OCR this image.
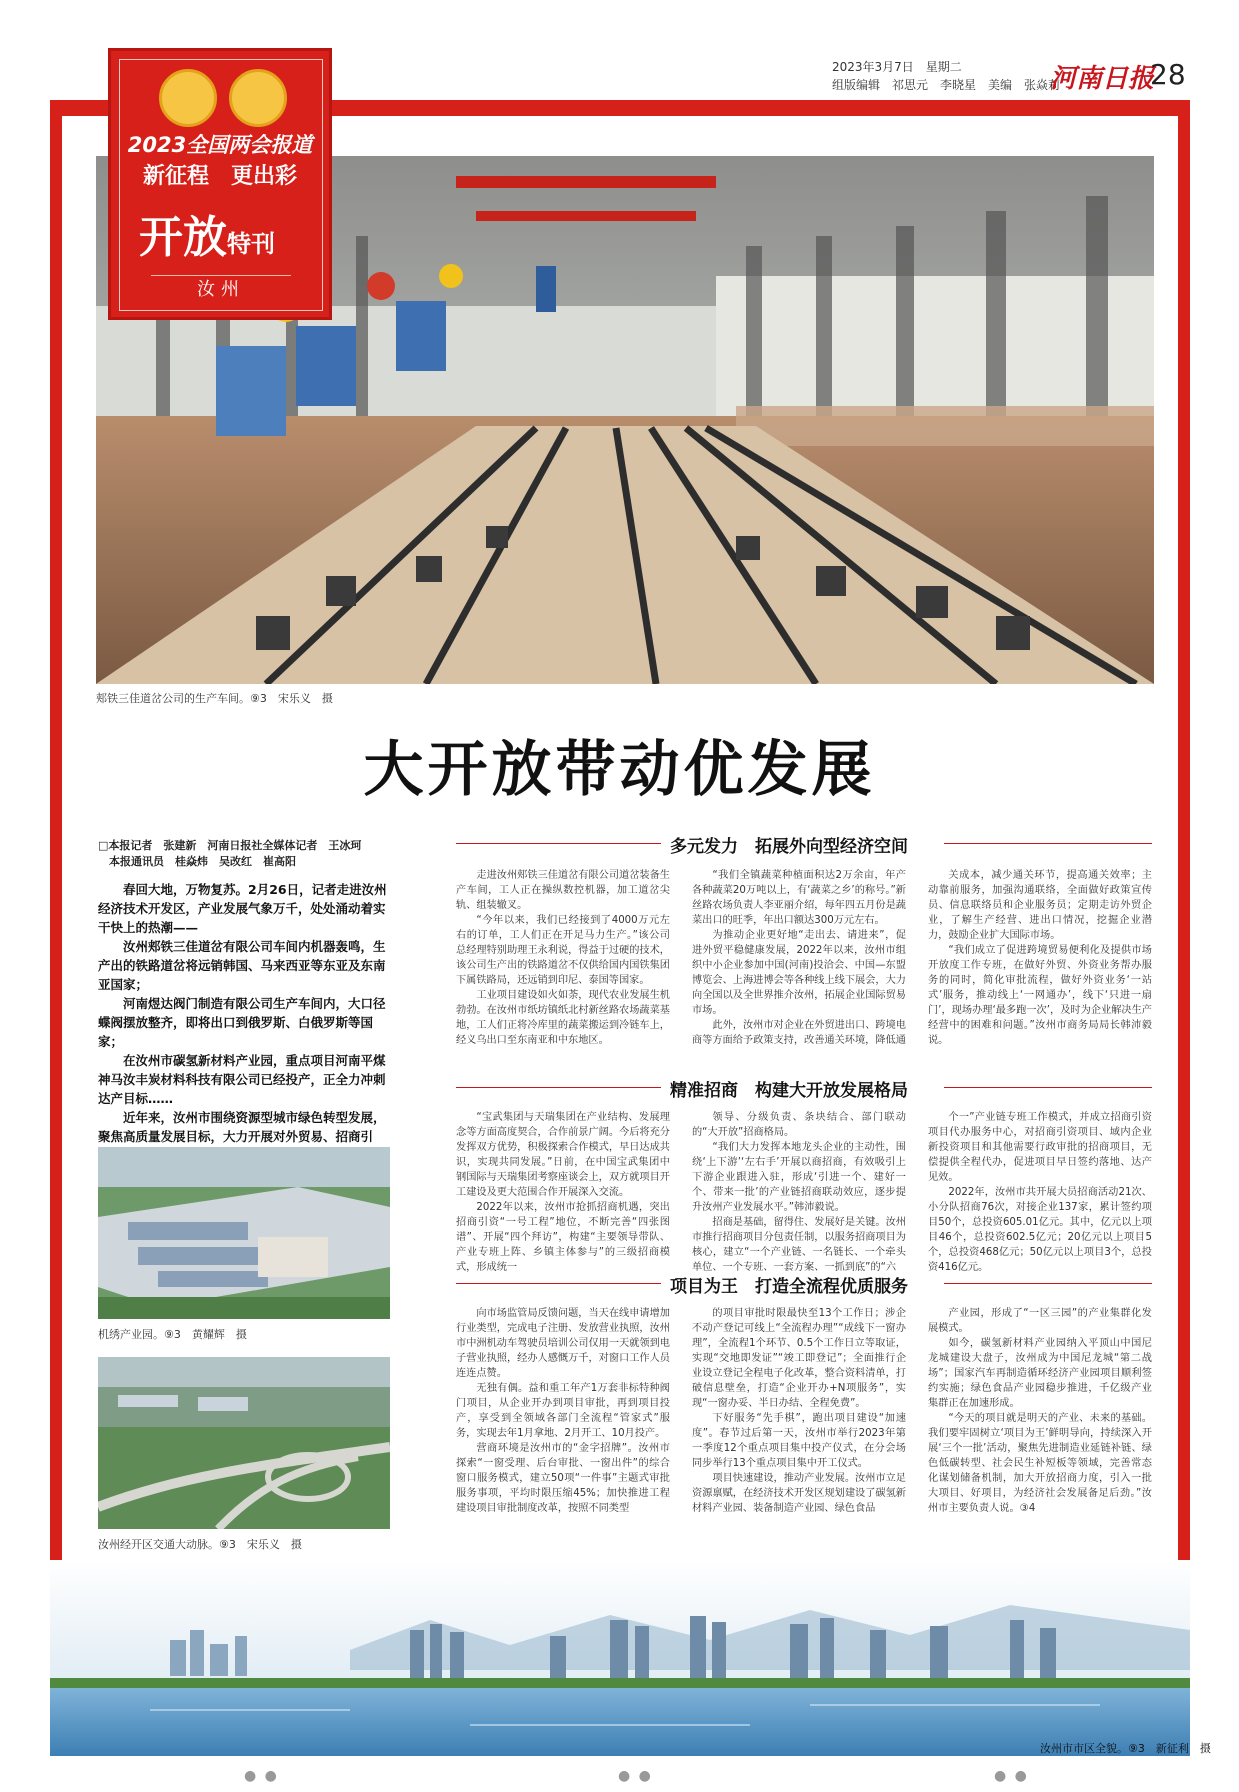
2023年3月7日　星期二
组版编辑　祁思元　李晓星　美编　张焱莉
河南日报
28
郏铁三佳道岔公司的生产车间。⑨3　宋乐义　摄
2023全国两会报道
新征程　更出彩
开放特刊
汝州
大开放带动优发展
□本报记者　张建新　河南日报社全媒体记者　王冰珂
　本报通讯员　桂焱炜　吴改红　崔高阳

春回大地，万物复苏。2月26日，记者走进汝州经济技术开发区，产业发展气象万千，处处涌动着实干快上的热潮——

汝州郏铁三佳道岔有限公司车间内机器轰鸣，生产出的铁路道岔将远销韩国、马来西亚等东亚及东南亚国家；

河南煜达阀门制造有限公司生产车间内，大口径蝶阀摆放整齐，即将出口到俄罗斯、白俄罗斯等国家；

在汝州市碳氢新材料产业园，重点项目河南平煤神马汝丰炭材料科技有限公司已经投产，正全力冲刺达产目标……

近年来，汝州市围绕资源型城市绿色转型发展，聚焦高质量发展目标，大力开展对外贸易、招商引

机绣产业园。⑨3　黄耀辉　摄
汝州经开区交通大动脉。⑨3　宋乐义　摄
多元发力　拓展外向型经济空间

走进汝州郏铁三佳道岔有限公司道岔装备生产车间，工人正在操纵数控机器，加工道岔尖轨、组装辙叉。

“今年以来，我们已经接到了4000万元左右的订单，工人们正在开足马力生产。”该公司总经理特别助理王永利说，得益于过硬的技术，该公司生产出的铁路道岔不仅供给国内国铁集团下属铁路局，还远销到印尼、泰国等国家。

工业项目建设如火如荼，现代农业发展生机勃勃。在汝州市纸坊镇纸北村新丝路农场蔬菜基地，工人们正将冷库里的蔬菜搬运到冷链车上，经义乌出口至东南亚和中东地区。

“我们全镇蔬菜种植面积达2万余亩，年产各种蔬菜20万吨以上，有‘蔬菜之乡’的称号。”新丝路农场负责人李亚丽介绍，每年四五月份是蔬菜出口的旺季，年出口额达300万元左右。

为推动企业更好地“走出去、请进来”，促进外贸平稳健康发展，2022年以来，汝州市组织中小企业参加中国(河南)投洽会、中国—东盟博览会、上海进博会等各种线上线下展会，大力向全国以及全世界推介汝州，拓展企业国际贸易市场。

此外，汝州市对企业在外贸进出口、跨境电商等方面给予政策支持，改善通关环境，降低通

关成本，减少通关环节，提高通关效率；主动靠前服务，加强沟通联络，全面做好政策宣传员、信息联络员和企业服务员；定期走访外贸企业，了解生产经营、进出口情况，挖掘企业潜力，鼓励企业扩大国际市场。

“我们成立了促进跨境贸易便利化及提供市场开放度工作专班，在做好外贸、外资业务帮办服务的同时，简化审批流程，做好外资业务‘一站式’服务，推动线上‘一网通办’，线下‘只进一扇门’，现场办理‘最多跑一次’，及时为企业解决生产经营中的困难和问题。”汝州市商务局局长韩沛毅说。

精准招商　构建大开放发展格局

“宝武集团与天瑞集团在产业结构、发展理念等方面高度契合，合作前景广阔。今后将充分发挥双方优势，积极探索合作模式，早日达成共识，实现共同发展。”日前，在中国宝武集团中钢国际与天瑞集团考察座谈会上，双方就项目开工建设及更大范围合作开展深入交流。

2022年以来，汝州市抢抓招商机遇，突出招商引资“一号工程”地位，不断完善“四张图谱”、开展“四个拜访”，构建“主要领导带队、产业专班上阵、乡镇主体参与”的三级招商模式，形成统一

领导、分级负责、条块结合、部门联动的“大开放”招商格局。

“我们大力发挥本地龙头企业的主动性，围绕‘上下游’‘左右手’开展以商招商，有效吸引上下游企业跟进入驻，形成‘引进一个、建好一个、带来一批’的产业链招商联动效应，逐步提升汝州产业发展水平。”韩沛毅说。

招商是基础，留得住、发展好是关键。汝州市推行招商项目分包责任制，以服务招商项目为核心，建立“一个产业链、一名链长、一个牵头单位、一个专班、一套方案、一抓到底”的“六

个一”产业链专班工作模式，并成立招商引资项目代办服务中心，对招商引资项目、域内企业新投资项目和其他需要行政审批的招商项目，无偿提供全程代办，促进项目早日签约落地、达产见效。

2022年，汝州市共开展大员招商活动21次、小分队招商76次，对接企业137家，累计签约项目50个，总投资605.01亿元。其中，亿元以上项目46个，总投资602.5亿元；20亿元以上项目5个，总投资468亿元；50亿元以上项目3个，总投资416亿元。

项目为王　打造全流程优质服务

向市场监管局反馈问题，当天在线申请增加行业类型，完成电子注册、发放营业执照，汝州市中洲机动车驾驶员培训公司仅用一天就领到电子营业执照，经办人感慨万千，对窗口工作人员连连点赞。

无独有偶。益和重工年产1万套非标特种阀门项目，从企业开办到项目审批，再到项目投产，享受到全领域各部门全流程“管家式”服务，实现去年1月拿地、2月开工、10月投产。

营商环境是汝州市的“金字招牌”。汝州市探索“一窗受理、后台审批、一窗出件”的综合窗口服务模式，建立50项“一件事”主题式审批服务事项，平均时限压缩45%；加快推进工程建设项目审批制度改革，按照不同类型

的项目审批时限最快至13个工作日；涉企不动产登记可线上“全流程办理”“成线下一窗办理”，全流程1个环节、0.5个工作日立等取证，实现“交地即发证”“竣工即登记”；全面推行企业设立登记全程电子化改革，整合资料清单，打破信息壁垒，打造“企业开办+N项服务”，实现“一窗办妥、半日办结、全程免费”。

下好服务“先手棋”，跑出项目建设“加速度”。春节过后第一天，汝州市举行2023年第一季度12个重点项目集中投产仪式，在分会场同步举行13个重点项目集中开工仪式。

项目快速建设，推动产业发展。汝州市立足资源禀赋，在经济技术开发区规划建设了碳氢新材料产业园、装备制造产业园、绿色食品

产业园，形成了“一区三园”的产业集群化发展模式。

如今，碳氢新材料产业园纳入平顶山中国尼龙城建设大盘子，汝州成为中国尼龙城“第二战场”；国家汽车再制造循环经济产业园项目顺利签约实施；绿色食品产业园稳步推进，千亿级产业集群正在加速形成。

“今天的项目就是明天的产业、未来的基础。我们要牢固树立‘项目为王’鲜明导向，持续深入开展‘三个一批’活动，聚焦先进制造业延链补链、绿色低碳转型、社会民生补短板等领域，完善常态化谋划储备机制，加大开放招商力度，引入一批大项目、好项目，为经济社会发展备足后劲。”汝州市主要负责人说。③4

汝州市市区全貌。⑨3　新征利　摄
● ●	● ●	● ●
